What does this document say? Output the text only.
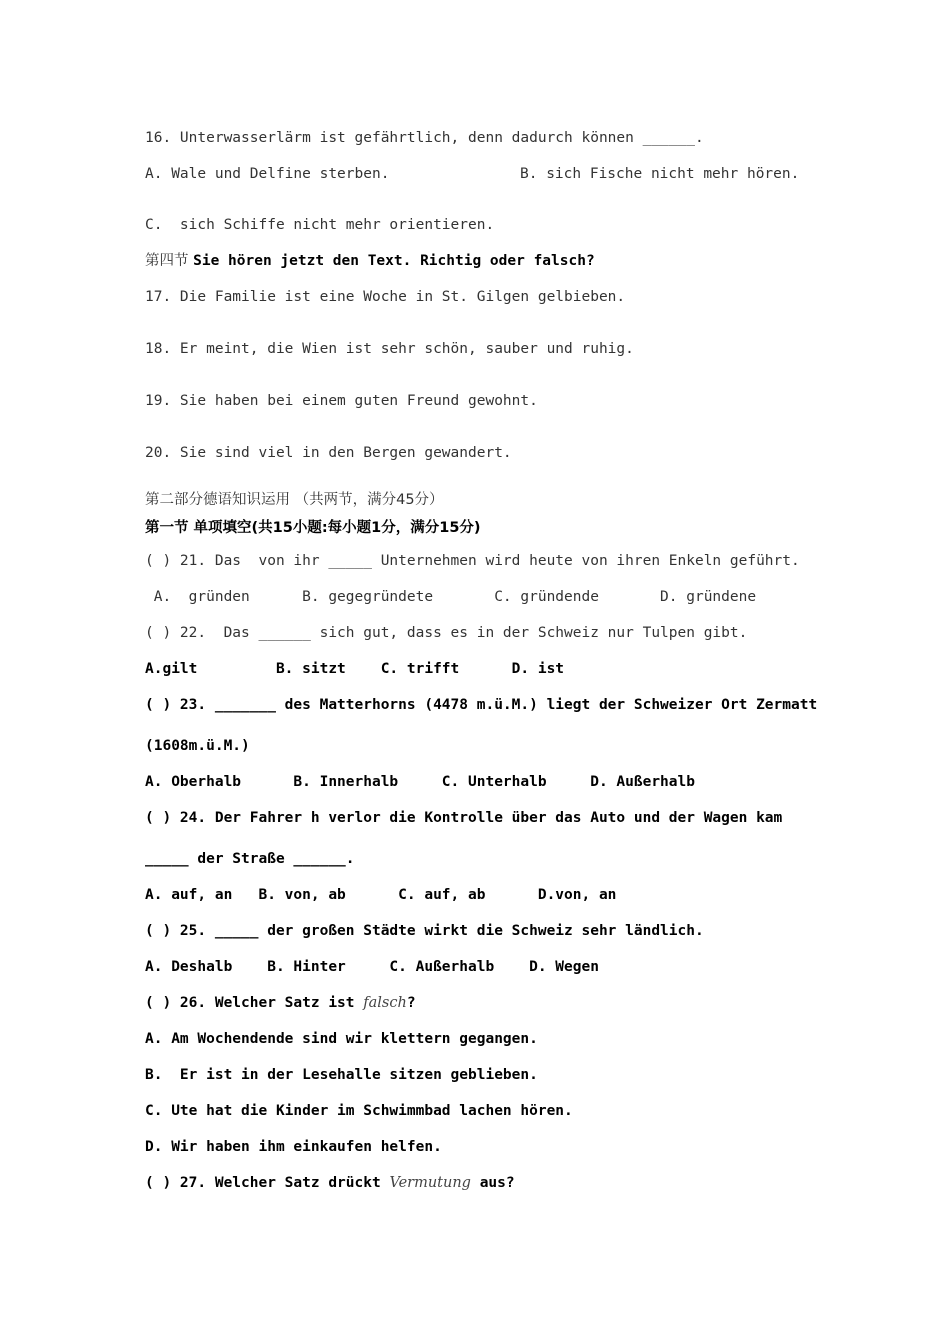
16. Unterwasserlärm ist gefährtlich, denn dadurch können ______.
A. Wale und Delfine sterben.	B. sich Fische nicht mehr hören.
C.  sich Schiffe nicht mehr orientieren.
第四节 Sie hören jetzt den Text. Richtig oder falsch?
17. Die Familie ist eine Woche in St. Gilgen gelbieben.
18. Er meint, die Wien ist sehr schön, sauber und ruhig.
19. Sie haben bei einem guten Freund gewohnt.
20. Sie sind viel in den Bergen gewandert.
第二部分德语知识运用 （共两节，满分45分）
第一节 单项填空(共15小题:每小题1分，满分15分)
( ) 21. Das  von ihr _____ Unternehmen wird heute von ihren Enkeln geführt.
A.  gründen      B. gegegründete       C. gründende       D. gründene
( ) 22.  Das ______ sich gut, dass es in der Schweiz nur Tulpen gibt.
A.gilt         B. sitzt    C. trifft      D. ist
( ) 23. _______ des Matterhorns (4478 m.ü.M.) liegt der Schweizer Ort Zermatt
(1608m.ü.M.)
A. Oberhalb      B. Innerhalb     C. Unterhalb     D. Außerhalb
( ) 24. Der Fahrer h verlor die Kontrolle über das Auto und der Wagen kam
_____ der Straße ______.
A. auf, an   B. von, ab      C. auf, ab      D.von, an
( ) 25. _____ der großen Städte wirkt die Schweiz sehr ländlich.
A. Deshalb    B. Hinter     C. Außerhalb    D. Wegen
( ) 26. Welcher Satz ist falsch?
A. Am Wochendende sind wir klettern gegangen.
B.  Er ist in der Lesehalle sitzen geblieben.
C. Ute hat die Kinder im Schwimmbad lachen hören.
D. Wir haben ihm einkaufen helfen.
( ) 27. Welcher Satz drückt Vermutung aus?
